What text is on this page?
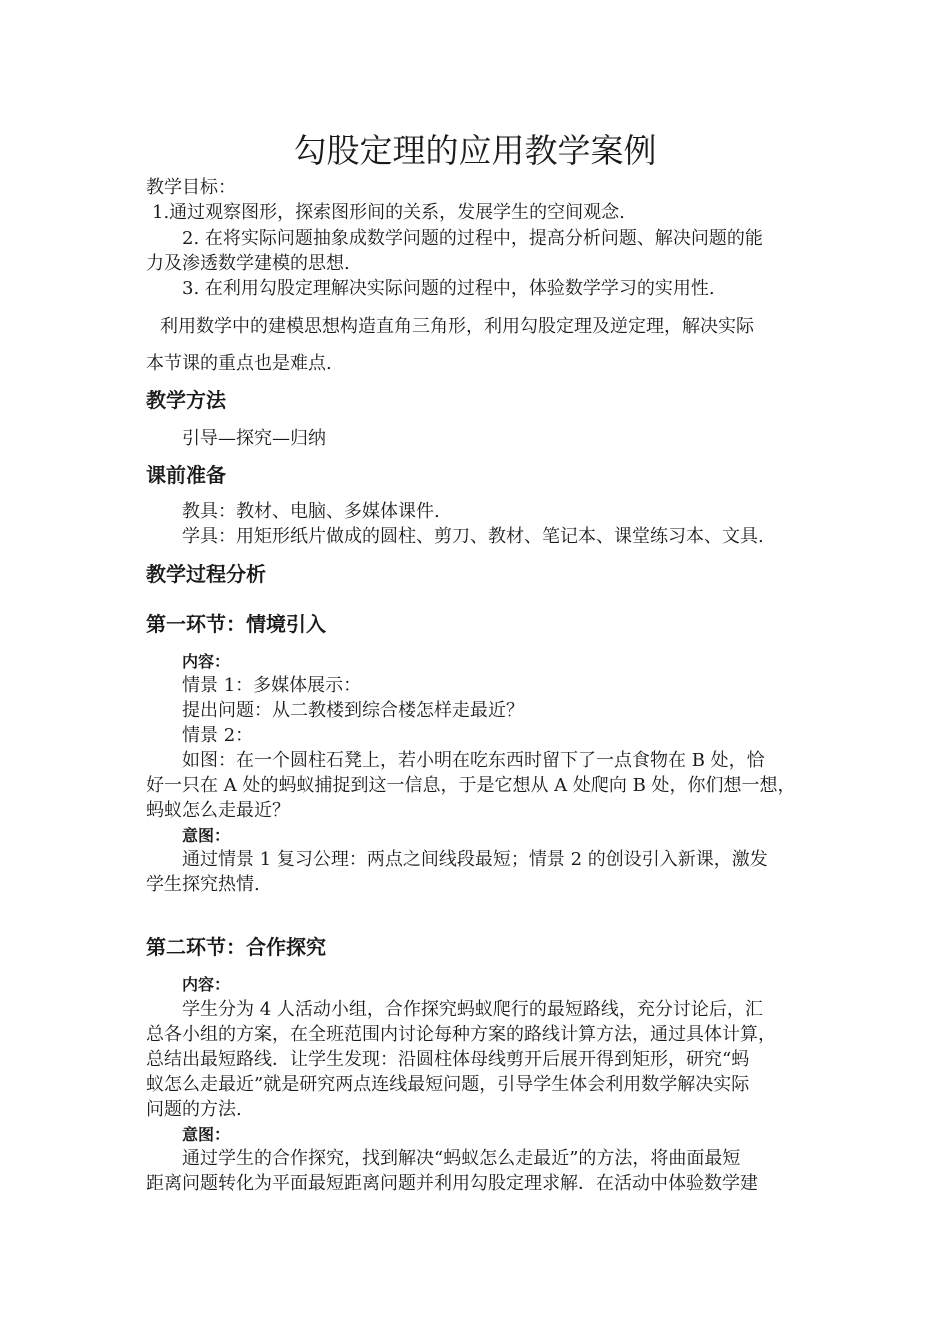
勾股定理的应用教学案例
教学目标：
1.通过观察图形，探索图形间的关系，发展学生的空间观念.
2. 在将实际问题抽象成数学问题的过程中，提高分析问题、解决问题的能
力及渗透数学建模的思想.
3. 在利用勾股定理解决实际问题的过程中，体验数学学习的实用性.
利用数学中的建模思想构造直角三角形，利用勾股定理及逆定理，解决实际
本节课的重点也是难点.
教学方法
引导—探究—归纳
课前准备
教具：教材、电脑、多媒体课件.
学具：用矩形纸片做成的圆柱、剪刀、教材、笔记本、课堂练习本、文具.
教学过程分析
第一环节：情境引入
内容：
情景 1：多媒体展示：
提出问题：从二教楼到综合楼怎样走最近？
情景 2：
如图：在一个圆柱石凳上，若小明在吃东西时留下了一点食物在 B 处，恰
好一只在 A 处的蚂蚁捕捉到这一信息，于是它想从 A 处爬向 B 处，你们想一想，
蚂蚁怎么走最近？
意图：
通过情景 1 复习公理：两点之间线段最短；情景 2 的创设引入新课，激发
学生探究热情.
第二环节：合作探究
内容：
学生分为 4 人活动小组，合作探究蚂蚁爬行的最短路线，充分讨论后，汇
总各小组的方案，在全班范围内讨论每种方案的路线计算方法，通过具体计算，
总结出最短路线．让学生发现：沿圆柱体母线剪开后展开得到矩形，研究“蚂
蚁怎么走最近”就是研究两点连线最短问题，引导学生体会利用数学解决实际
问题的方法.
意图：
通过学生的合作探究，找到解决“蚂蚁怎么走最近”的方法，将曲面最短
距离问题转化为平面最短距离问题并利用勾股定理求解．在活动中体验数学建
